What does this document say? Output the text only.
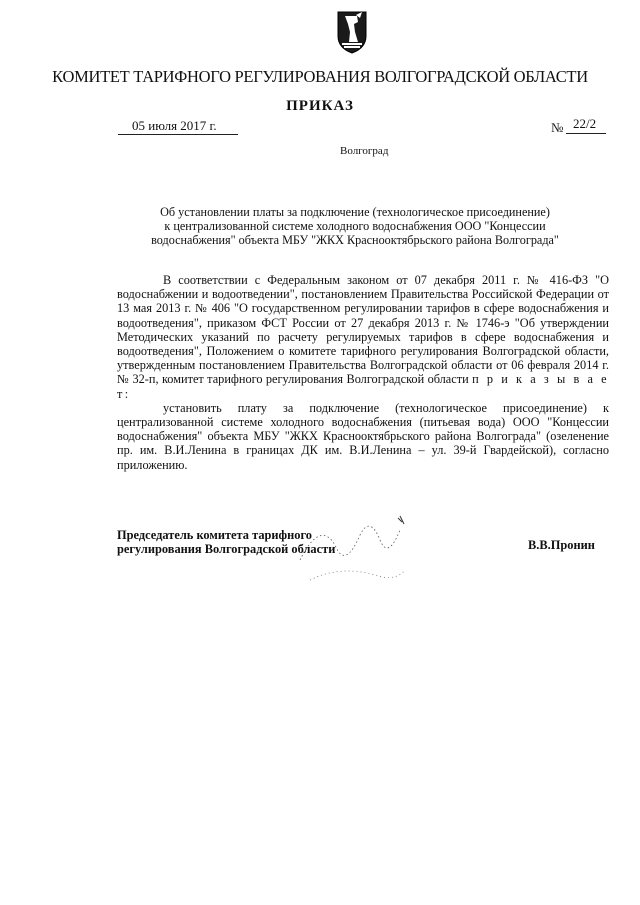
КОМИТЕТ ТАРИФНОГО РЕГУЛИРОВАНИЯ ВОЛГОГРАДСКОЙ ОБЛАСТИ
ПРИКАЗ
05 июля 2017 г.	№ 22/2
Волгоград
Об установлении платы за подключение (технологическое присоединение)
к централизованной системе холодного водоснабжения ООО "Концессии
водоснабжения" объекта МБУ "ЖКХ Краснооктябрьского района Волгограда"

В соответствии с Федеральным законом от 07 декабря 2011 г. № 416-ФЗ "О водоснабжении и водоотведении", постановлением Правительства Российской Федерации от 13 мая 2013 г. № 406 "О государственном регулировании тарифов в сфере водоснабжения и водоотведения", приказом ФСТ России от 27 декабря 2013 г. № 1746-э "Об утверждении Методических указаний по расчету регулируемых тарифов в сфере водоснабжения и водоотведения", Положением о комитете тарифного регулирования Волгоградской области, утвержденным постановлением Правительства Волгоградской области от 06 февраля 2014 г. № 32-п, комитет тарифного регулирования Волгоградской области п р и к а з ы в а е т:

установить плату за подключение (технологическое присоединение) к централизованной системе холодного водоснабжения (питьевая вода) ООО "Концессии водоснабжения" объекта МБУ "ЖКХ Краснооктябрьского района Волгограда" (озеленение пр. им. В.И.Ленина в границах ДК им. В.И.Ленина – ул. 39-й Гвардейской), согласно приложению.

Председатель комитета тарифного
регулирования Волгоградской области	В.В.Пронин
